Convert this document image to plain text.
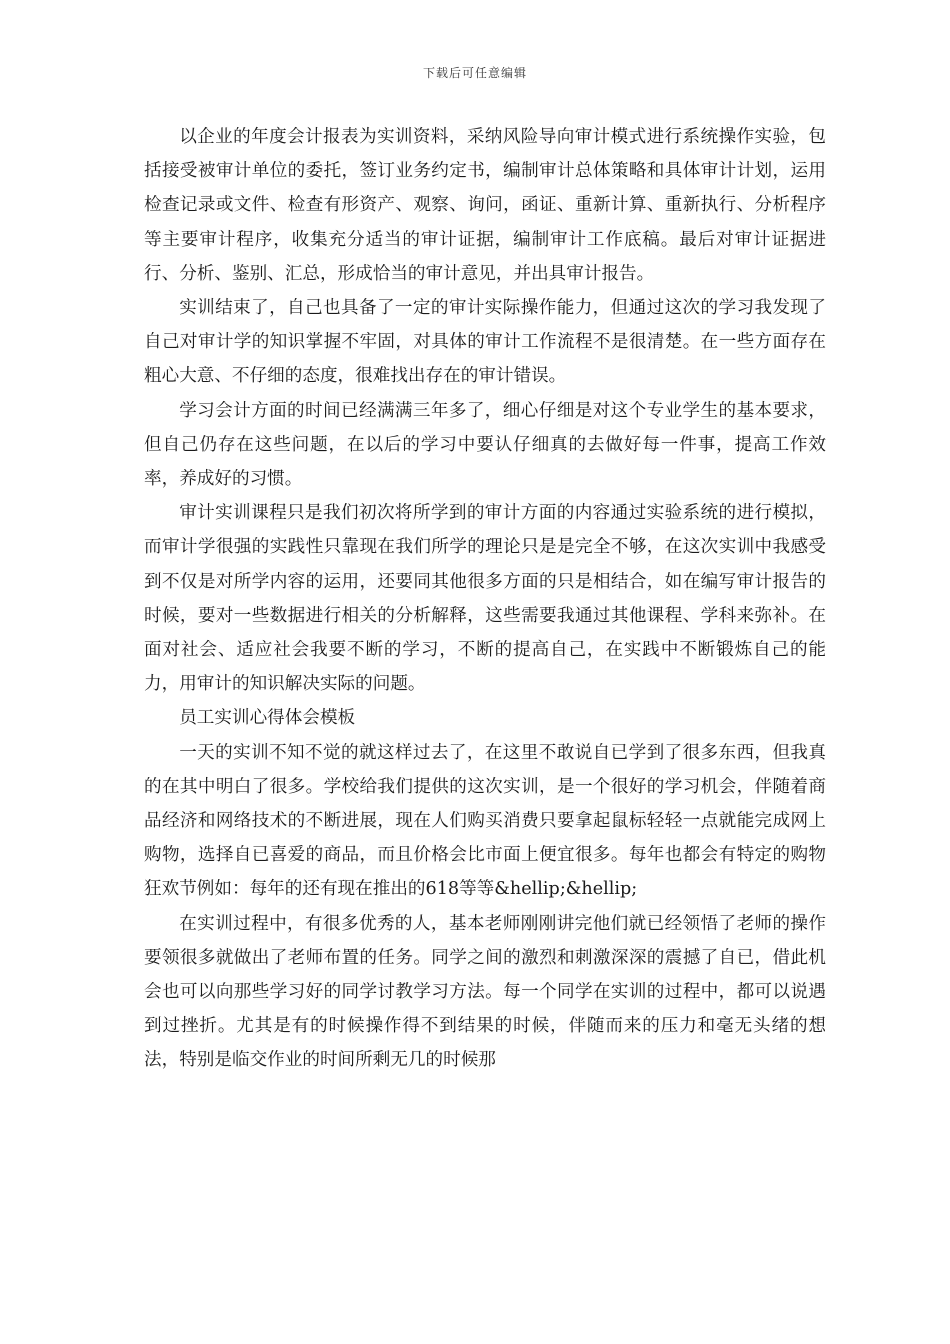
下载后可任意编辑

以企业的年度会计报表为实训资料，采纳风险导向审计模式进行系统操作实验，包括接受被审计单位的委托，签订业务约定书，编制审计总体策略和具体审计计划，运用检查记录或文件、检查有形资产、观察、询问，函证、重新计算、重新执行、分析程序等主要审计程序，收集充分适当的审计证据，编制审计工作底稿。最后对审计证据进行、分析、鉴别、汇总，形成恰当的审计意见，并出具审计报告。

实训结束了，自己也具备了一定的审计实际操作能力，但通过这次的学习我发现了自己对审计学的知识掌握不牢固，对具体的审计工作流程不是很清楚。在一些方面存在粗心大意、不仔细的态度，很难找出存在的审计错误。

学习会计方面的时间已经满满三年多了，细心仔细是对这个专业学生的基本要求，但自己仍存在这些问题，在以后的学习中要认仔细真的去做好每一件事，提高工作效率，养成好的习惯。

审计实训课程只是我们初次将所学到的审计方面的内容通过实验系统的进行模拟，而审计学很强的实践性只靠现在我们所学的理论只是是完全不够，在这次实训中我感受到不仅是对所学内容的运用，还要同其他很多方面的只是相结合，如在编写审计报告的时候，要对一些数据进行相关的分析解释，这些需要我通过其他课程、学科来弥补。在面对社会、适应社会我要不断的学习，不断的提高自己，在实践中不断锻炼自己的能力，用审计的知识解决实际的问题。

员工实训心得体会模板

一天的实训不知不觉的就这样过去了，在这里不敢说自已学到了很多东西，但我真的在其中明白了很多。学校给我们提供的这次实训，是一个很好的学习机会，伴随着商品经济和网络技术的不断进展，现在人们购买消费只要拿起鼠标轻轻一点就能完成网上购物，选择自已喜爱的商品，而且价格会比市面上便宜很多。每年也都会有特定的购物狂欢节例如：每年的还有现在推出的618等等&hellip;&hellip;

在实训过程中，有很多优秀的人，基本老师刚刚讲完他们就已经领悟了老师的操作要领很多就做出了老师布置的任务。同学之间的激烈和刺激深深的震撼了自已，借此机会也可以向那些学习好的同学讨教学习方法。每一个同学在实训的过程中，都可以说遇到过挫折。尤其是有的时候操作得不到结果的时候，伴随而来的压力和毫无头绪的想法，特别是临交作业的时间所剩无几的时候那
